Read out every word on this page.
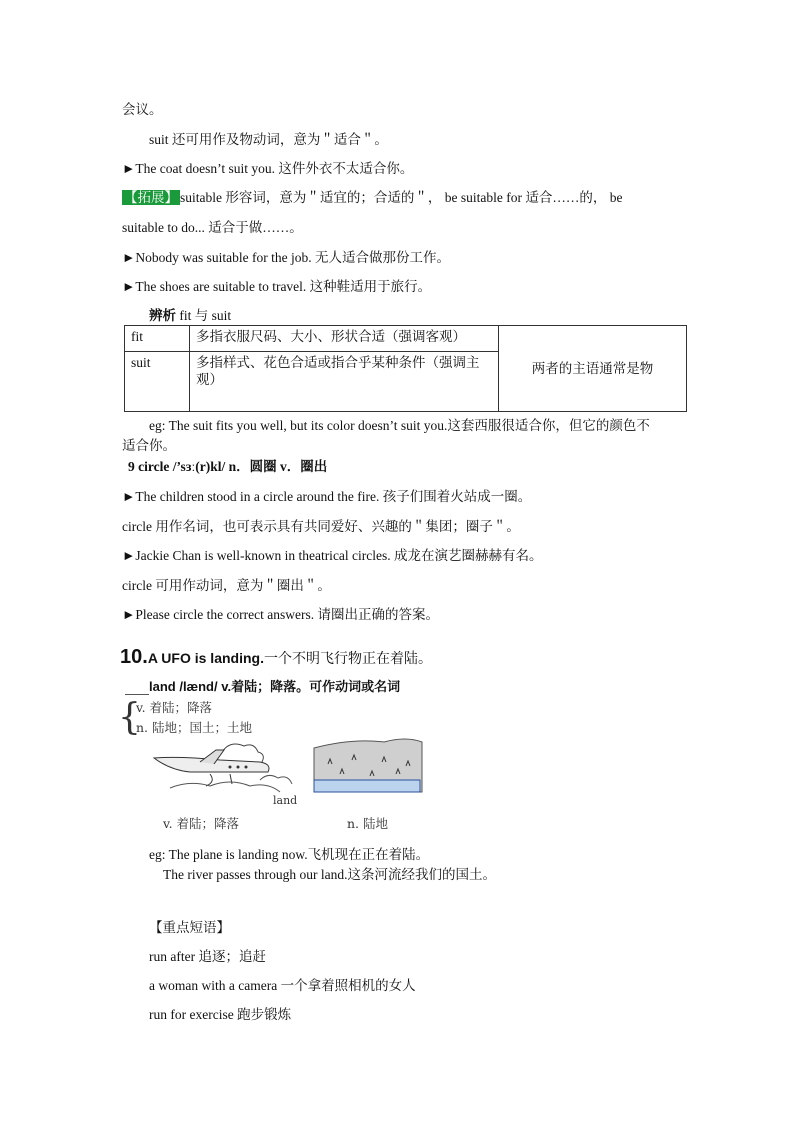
会议。
suit 还可用作及物动词，意为＂适合＂。
►The coat doesn’t suit you. 这件外衣不太适合你。
【拓展】 suitable 形容词，意为＂适宜的；合适的＂， be suitable for 适合……的， be
suitable to do... 适合于做……。
►Nobody was suitable for the job. 无人适合做那份工作。
►The shoes are suitable to travel. 这种鞋适用于旅行。
辨析 fit 与 suit
fit	多指衣服尺码、大小、形状合适（强调客观）	两者的主语通常是物
suit	多指样式、花色合适或指合乎某种条件（强调主观）	
eg: The suit fits you well, but its color doesn’t suit you.这套西服很适合你，但它的颜色不
适合你。
9 circle /’sɜː(r)kl/ n．圆圈 v．圈出
►The children stood in a circle around the fire. 孩子们围着火站成一圈。
circle 用作名词，也可表示具有共同爱好、兴趣的＂集团；圈子＂。
►Jackie Chan is well-known in theatrical circles. 成龙在演艺圈赫赫有名。
circle 可用作动词，意为＂圈出＂。
►Please circle the correct answers. 请圈出正确的答案。
10.A UFO is landing.一个不明飞行物正在着陆。
land /lænd/ v.着陆；降落。可作动词或名词
{
v. 着陆；降落
n. 陆地；国土；土地
land
v. 着陆；降落	n. 陆地
eg: The plane is landing now.飞机现在正在着陆。
The river passes through our land.这条河流经我们的国土。
【重点短语】
run after 追逐；追赶
a woman with a camera 一个拿着照相机的女人
run for exercise 跑步锻炼
